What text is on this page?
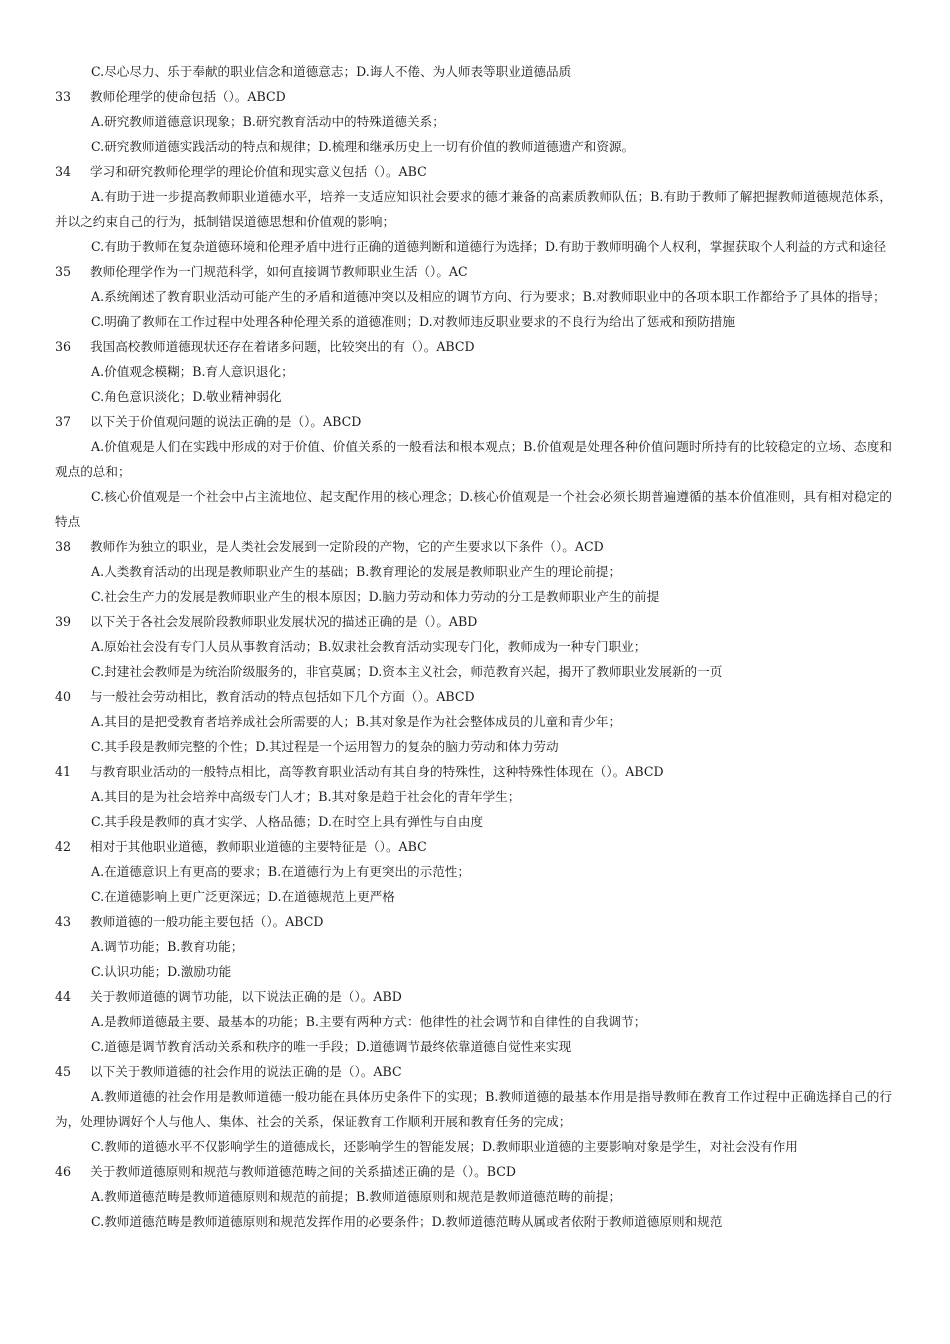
C.尽心尽力、乐于奉献的职业信念和道德意志；D.诲人不倦、为人师表等职业道德品质
33 教师伦理学的使命包括（）。ABCD
A.研究教师道德意识现象；B.研究教育活动中的特殊道德关系；
C.研究教师道德实践活动的特点和规律；D.梳理和继承历史上一切有价值的教师道德遗产和资源。
34 学习和研究教师伦理学的理论价值和现实意义包括（）。ABC
A.有助于进一步提高教师职业道德水平，培养一支适应知识社会要求的德才兼备的高素质教师队伍；B.有助于教师了解把握教师道德规范体系，并以之约束自己的行为，抵制错误道德思想和价值观的影响；
C.有助于教师在复杂道德环境和伦理矛盾中进行正确的道德判断和道德行为选择；D.有助于教师明确个人权利，掌握获取个人利益的方式和途径
35 教师伦理学作为一门规范科学，如何直接调节教师职业生活（）。AC
A.系统阐述了教育职业活动可能产生的矛盾和道德冲突以及相应的调节方向、行为要求；B.对教师职业中的各项本职工作都给予了具体的指导；
C.明确了教师在工作过程中处理各种伦理关系的道德准则；D.对教师违反职业要求的不良行为给出了惩戒和预防措施
36 我国高校教师道德现状还存在着诸多问题，比较突出的有（）。ABCD
A.价值观念模糊；B.育人意识退化；
C.角色意识淡化；D.敬业精神弱化
37 以下关于价值观问题的说法正确的是（）。ABCD
A.价值观是人们在实践中形成的对于价值、价值关系的一般看法和根本观点；B.价值观是处理各种价值问题时所持有的比较稳定的立场、态度和观点的总和；
C.核心价值观是一个社会中占主流地位、起支配作用的核心理念；D.核心价值观是一个社会必须长期普遍遵循的基本价值准则，具有相对稳定的特点
38 教师作为独立的职业，是人类社会发展到一定阶段的产物，它的产生要求以下条件（）。ACD
A.人类教育活动的出现是教师职业产生的基础；B.教育理论的发展是教师职业产生的理论前提；
C.社会生产力的发展是教师职业产生的根本原因；D.脑力劳动和体力劳动的分工是教师职业产生的前提
39 以下关于各社会发展阶段教师职业发展状况的描述正确的是（）。ABD
A.原始社会没有专门人员从事教育活动；B.奴隶社会教育活动实现专门化，教师成为一种专门职业；
C.封建社会教师是为统治阶级服务的，非官莫属；D.资本主义社会，师范教育兴起，揭开了教师职业发展新的一页
40 与一般社会劳动相比，教育活动的特点包括如下几个方面（）。ABCD
A.其目的是把受教育者培养成社会所需要的人；B.其对象是作为社会整体成员的儿童和青少年；
C.其手段是教师完整的个性；D.其过程是一个运用智力的复杂的脑力劳动和体力劳动
41 与教育职业活动的一般特点相比，高等教育职业活动有其自身的特殊性，这种特殊性体现在（）。ABCD
A.其目的是为社会培养中高级专门人才；B.其对象是趋于社会化的青年学生；
C.其手段是教师的真才实学、人格品德；D.在时空上具有弹性与自由度
42 相对于其他职业道德，教师职业道德的主要特征是（）。ABC
A.在道德意识上有更高的要求；B.在道德行为上有更突出的示范性；
C.在道德影响上更广泛更深远；D.在道德规范上更严格
43 教师道德的一般功能主要包括（）。ABCD
A.调节功能；B.教育功能；
C.认识功能；D.激励功能
44 关于教师道德的调节功能，以下说法正确的是（）。ABD
A.是教师道德最主要、最基本的功能；B.主要有两种方式：他律性的社会调节和自律性的自我调节；
C.道德是调节教育活动关系和秩序的唯一手段；D.道德调节最终依靠道德自觉性来实现
45 以下关于教师道德的社会作用的说法正确的是（）。ABC
A.教师道德的社会作用是教师道德一般功能在具体历史条件下的实现；B.教师道德的最基本作用是指导教师在教育工作过程中正确选择自己的行为，处理协调好个人与他人、集体、社会的关系，保证教育工作顺利开展和教育任务的完成；
C.教师的道德水平不仅影响学生的道德成长，还影响学生的智能发展；D.教师职业道德的主要影响对象是学生，对社会没有作用
46 关于教师道德原则和规范与教师道德范畴之间的关系描述正确的是（）。BCD
A.教师道德范畴是教师道德原则和规范的前提；B.教师道德原则和规范是教师道德范畴的前提；
C.教师道德范畴是教师道德原则和规范发挥作用的必要条件；D.教师道德范畴从属或者依附于教师道德原则和规范
